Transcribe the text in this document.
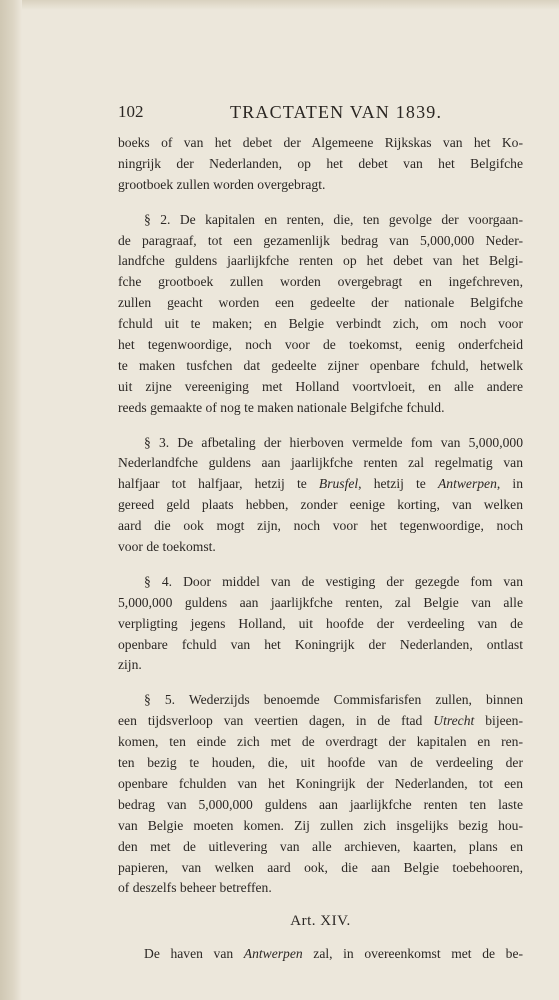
102	TRACTATEN VAN 1839.
boeks of van het debet der Algemeene Rijkskas van het Ko-
ningrijk der Nederlanden, op het debet van het Belgifche
grootboek zullen worden overgebragt.
§ 2. De kapitalen en renten, die, ten gevolge der voorgaan-
de paragraaf, tot een gezamenlijk bedrag van 5,000,000 Neder-
landfche guldens jaarlijkfche renten op het debet van het Belgi-
fche grootboek zullen worden overgebragt en ingefchreven,
zullen geacht worden een gedeelte der nationale Belgifche
fchuld uit te maken; en Belgie verbindt zich, om noch voor
het tegenwoordige, noch voor de toekomst, eenig onderfcheid
te maken tusfchen dat gedeelte zijner openbare fchuld, hetwelk
uit zijne vereeniging met Holland voortvloeit, en alle andere
reeds gemaakte of nog te maken nationale Belgifche fchuld.
§ 3. De afbetaling der hierboven vermelde fom van 5,000,000
Nederlandfche guldens aan jaarlijkfche renten zal regelmatig van
halfjaar tot halfjaar, hetzij te Brusfel, hetzij te Antwerpen, in
gereed geld plaats hebben, zonder eenige korting, van welken
aard die ook mogt zijn, noch voor het tegenwoordige, noch
voor de toekomst.
§ 4. Door middel van de vestiging der gezegde fom van
5,000,000 guldens aan jaarlijkfche renten, zal Belgie van alle
verpligting jegens Holland, uit hoofde der verdeeling van de
openbare fchuld van het Koningrijk der Nederlanden, ontlast
zijn.
§ 5. Wederzijds benoemde Commisfarisfen zullen, binnen
een tijdsverloop van veertien dagen, in de ftad Utrecht bijeen-
komen, ten einde zich met de overdragt der kapitalen en ren-
ten bezig te houden, die, uit hoofde van de verdeeling der
openbare fchulden van het Koningrijk der Nederlanden, tot een
bedrag van 5,000,000 guldens aan jaarlijkfche renten ten laste
van Belgie moeten komen. Zij zullen zich insgelijks bezig hou-
den met de uitlevering van alle archieven, kaarten, plans en
papieren, van welken aard ook, die aan Belgie toebehooren,
of deszelfs beheer betreffen.
Art. XIV.
De haven van Antwerpen zal, in overeenkomst met de be-
